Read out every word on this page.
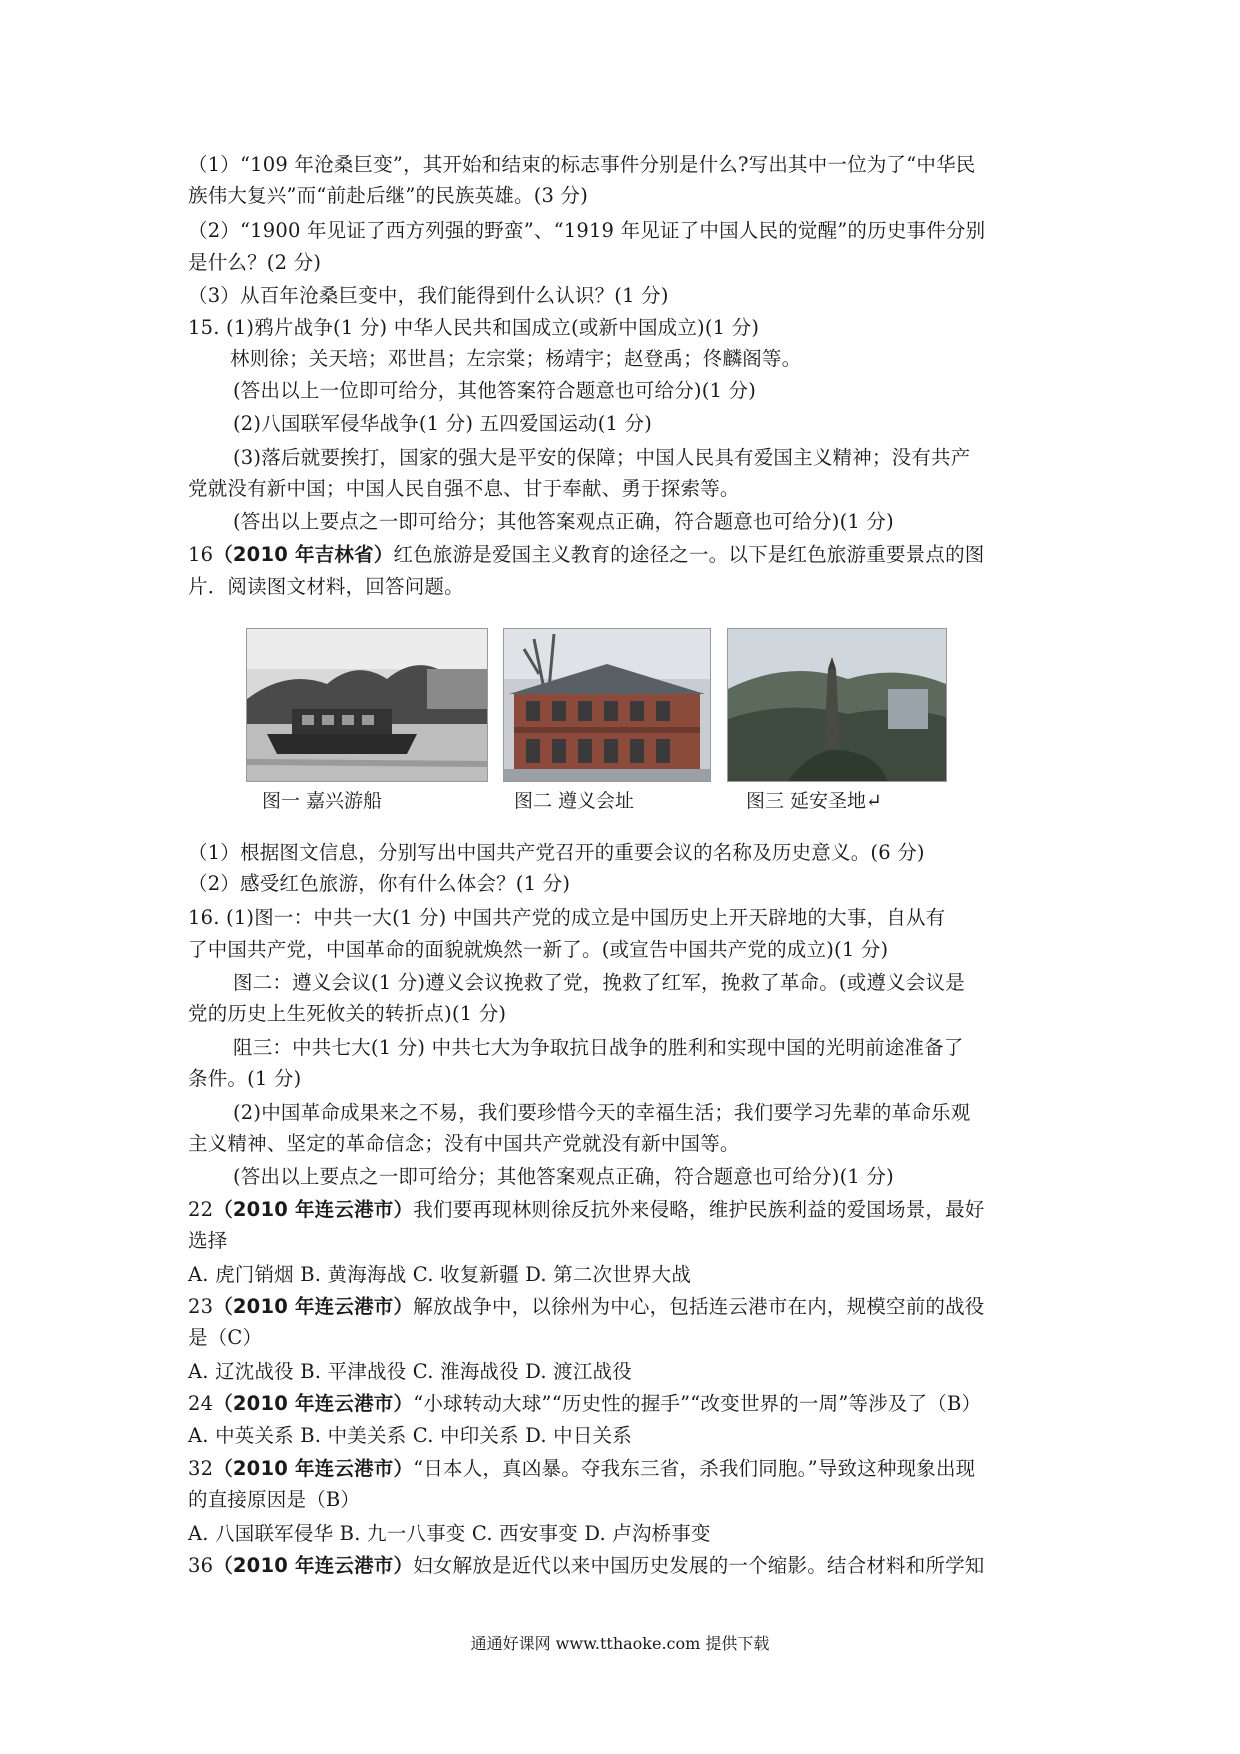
（1）“109 年沧桑巨变”，其开始和结束的标志事件分别是什么?写出其中一位为了“中华民
族伟大复兴”而“前赴后继”的民族英雄。(3 分)
（2）“1900 年见证了西方列强的野蛮”、“1919 年见证了中国人民的觉醒”的历史事件分别
是什么？(2 分)
（3）从百年沧桑巨变中，我们能得到什么认识？(1 分)
15. (1)鸦片战争(1 分) 中华人民共和国成立(或新中国成立)(1 分)
林则徐；关天培；邓世昌；左宗棠；杨靖宇；赵登禹；佟麟阁等。
(答出以上一位即可给分，其他答案符合题意也可给分)(1 分)
(2)八国联军侵华战争(1 分) 五四爱国运动(1 分)
(3)落后就要挨打，国家的强大是平安的保障；中国人民具有爱国主义精神；没有共产
党就没有新中国；中国人民自强不息、甘于奉献、勇于探索等。
(答出以上要点之一即可给分；其他答案观点正确，符合题意也可给分)(1 分)
16（2010 年吉林省）红色旅游是爱国主义教育的途径之一。以下是红色旅游重要景点的图
片．阅读图文材料，回答问题。
图一 嘉兴游船	图二 遵义会址	图三 延安圣地↵
（1）根据图文信息，分别写出中国共产党召开的重要会议的名称及历史意义。(6 分)
（2）感受红色旅游，你有什么体会？(1 分)
16. (1)图一：中共一大(1 分) 中国共产党的成立是中国历史上开天辟地的大事，自从有
了中国共产党，中国革命的面貌就焕然一新了。(或宣告中国共产党的成立)(1 分)
图二：遵义会议(1 分)遵义会议挽救了党，挽救了红军，挽救了革命。(或遵义会议是
党的历史上生死攸关的转折点)(1 分)
阻三：中共七大(1 分) 中共七大为争取抗日战争的胜利和实现中国的光明前途准备了
条件。(1 分)
(2)中国革命成果来之不易，我们要珍惜今天的幸福生活；我们要学习先辈的革命乐观
主义精神、坚定的革命信念；没有中国共产党就没有新中国等。
(答出以上要点之一即可给分；其他答案观点正确，符合题意也可给分)(1 分)
22（2010 年连云港市）我们要再现林则徐反抗外来侵略，维护民族利益的爱国场景，最好
选择
A. 虎门销烟 B. 黄海海战 C. 收复新疆 D. 第二次世界大战
23（2010 年连云港市）解放战争中，以徐州为中心，包括连云港市在内，规模空前的战役
是（C）
A. 辽沈战役 B. 平津战役 C. 淮海战役 D. 渡江战役
24（2010 年连云港市）“小球转动大球”“历史性的握手”“改变世界的一周”等涉及了（B）
A. 中英关系 B. 中美关系 C. 中印关系 D. 中日关系
32（2010 年连云港市）“日本人，真凶暴。夺我东三省，杀我们同胞。”导致这种现象出现
的直接原因是（B）
A. 八国联军侵华 B. 九一八事变 C. 西安事变 D. 卢沟桥事变
36（2010 年连云港市）妇女解放是近代以来中国历史发展的一个缩影。结合材料和所学知
通通好课网 www.tthaoke.com 提供下载
